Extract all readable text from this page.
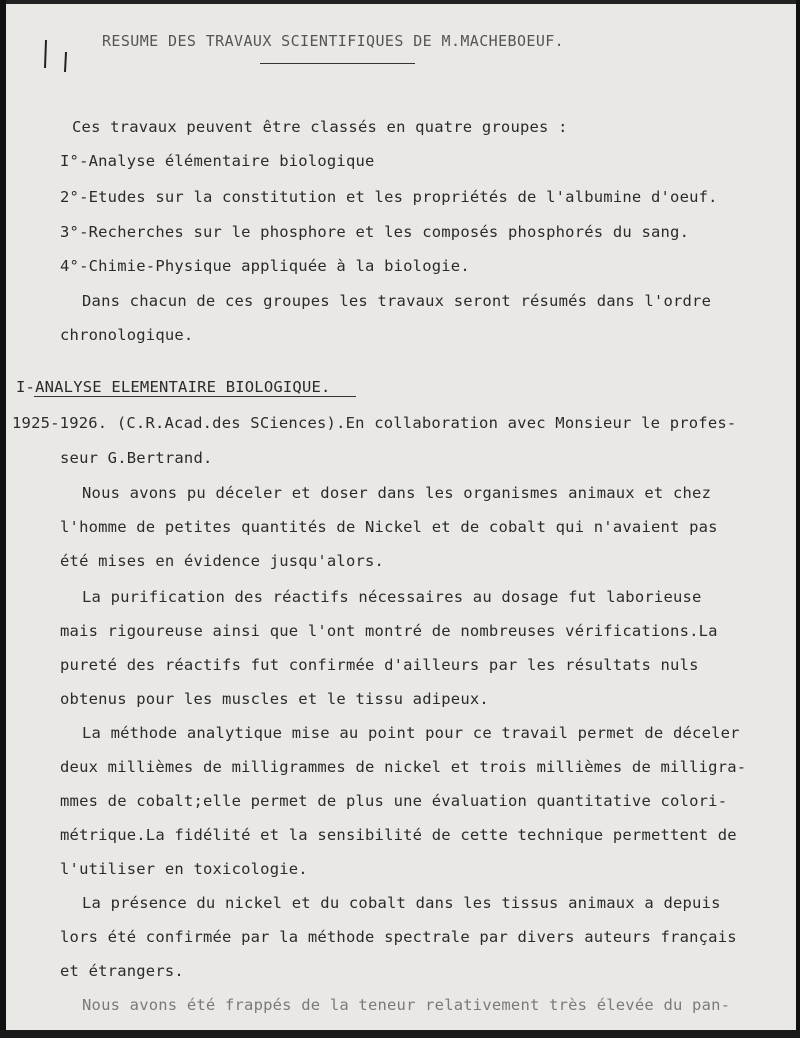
RESUME DES TRAVAUX SCIENTIFIQUES DE M.MACHEBOEUF.
Ces travaux peuvent être classés en quatre groupes :
I°-Analyse élémentaire biologique
2°-Etudes sur la constitution et les propriétés de l'albumine d'oeuf.
3°-Recherches sur le phosphore et les composés phosphorés du sang.
4°-Chimie-Physique appliquée à la biologie.
Dans chacun de ces groupes les travaux seront résumés dans l'ordre
chronologique.
I-ANALYSE ELEMENTAIRE BIOLOGIQUE.
1925-1926. (C.R.Acad.des SCiences).En collaboration avec Monsieur le profes-
seur G.Bertrand.
Nous avons pu déceler et doser dans les organismes animaux et chez
l'homme de petites quantités de Nickel et de cobalt qui n'avaient pas
été mises en évidence jusqu'alors.
La purification des réactifs nécessaires au dosage fut laborieuse
mais rigoureuse ainsi que l'ont montré de nombreuses vérifications.La
pureté des réactifs fut confirmée d'ailleurs par les résultats nuls
obtenus pour les muscles et le tissu adipeux.
La méthode analytique mise au point pour ce travail permet de déceler
deux millièmes de milligrammes de nickel et trois millièmes de milligra-
mmes de cobalt;elle permet de plus une évaluation quantitative colori-
métrique.La fidélité et la sensibilité de cette technique permettent de
l'utiliser en toxicologie.
La présence du nickel et du cobalt dans les tissus animaux a depuis
lors été confirmée par la méthode spectrale par divers auteurs français
et étrangers.
Nous avons été frappés de la teneur relativement très élevée du pan-
